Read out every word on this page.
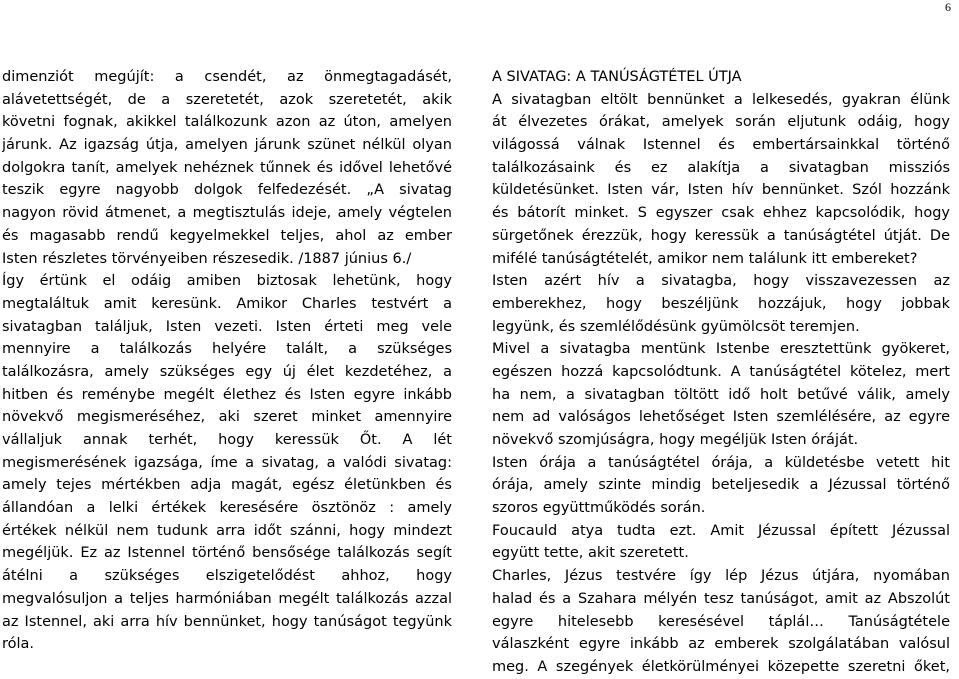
6
dimenziót megújít: a csendét, az önmegtagadásét,
alávetettségét, de a szeretetét, azok szeretetét, akik
követni fognak, akikkel találkozunk azon az úton, amelyen
járunk. Az igazság útja, amelyen járunk szünet nélkül olyan
dolgokra tanít, amelyek nehéznek tűnnek és idővel lehetővé
teszik egyre nagyobb dolgok felfedezését. „A sivatag
nagyon rövid átmenet, a megtisztulás ideje, amely végtelen
és magasabb rendű kegyelmekkel teljes, ahol az ember
Isten részletes törvényeiben részesedik. /1887 június 6./
Így értünk el odáig amiben biztosak lehetünk, hogy
megtaláltuk amit keresünk. Amikor Charles testvért a
sivatagban találjuk, Isten vezeti. Isten érteti meg vele
mennyire a találkozás helyére talált, a szükséges
találkozásra, amely szükséges egy új élet kezdetéhez, a
hitben és reménybe megélt élethez és Isten egyre inkább
növekvő megismeréséhez, aki szeret minket amennyire
vállaljuk annak terhét, hogy keressük Őt. A lét
megismerésének igazsága, íme a sivatag, a valódi sivatag:
amely tejes mértékben adja magát, egész életünkben és
állandóan a lelki értékek keresésére ösztönöz : amely
értékek nélkül nem tudunk arra időt szánni, hogy mindezt
megéljük. Ez az Istennel történő bensősége találkozás segít
átélni a szükséges elszigetelődést ahhoz, hogy
megvalósuljon a teljes harmóniában megélt találkozás azzal
az Istennel, aki arra hív bennünket, hogy tanúságot tegyünk
róla.
A SIVATAG: A TANÚSÁGTÉTEL ÚTJA
A sivatagban eltölt bennünket a lelkesedés, gyakran élünk
át élvezetes órákat, amelyek során eljutunk odáig, hogy
világossá válnak Istennel és embertársainkkal történő
találkozásaink és ez alakítja a sivatagban missziós
küldetésünket. Isten vár, Isten hív bennünket. Szól hozzánk
és bátorít minket. S egyszer csak ehhez kapcsolódik, hogy
sürgetőnek érezzük, hogy keressük a tanúságtétel útját. De
mifélé tanúságtételét, amikor nem találunk itt embereket?
Isten azért hív a sivatagba, hogy visszavezessen az
emberekhez, hogy beszéljünk hozzájuk, hogy jobbak
legyünk, és szemlélődésünk gyümölcsöt teremjen.
Mivel a sivatagba mentünk Istenbe eresztettünk gyökeret,
egészen hozzá kapcsolódtunk. A tanúságtétel kötelez, mert
ha nem, a sivatagban töltött idő holt betűvé válik, amely
nem ad valóságos lehetőséget Isten szemlélésére, az egyre
növekvő szomjúságra, hogy megéljük Isten óráját.
Isten órája a tanúságtétel órája, a küldetésbe vetett hit
órája, amely szinte mindig beteljesedik a Jézussal történő
szoros együttműködés során.
Foucauld atya tudta ezt. Amit Jézussal épített Jézussal
együtt tette, akit szeretett.
Charles, Jézus testvére így lép Jézus útjára, nyomában
halad és a Szahara mélyén tesz tanúságot, amit az Abszolút
egyre hitelesebb keresésével táplál… Tanúságtétele
válaszként egyre inkább az emberek szolgálatában valósul
meg. A szegények életkörülményei közepette szeretni őket,
